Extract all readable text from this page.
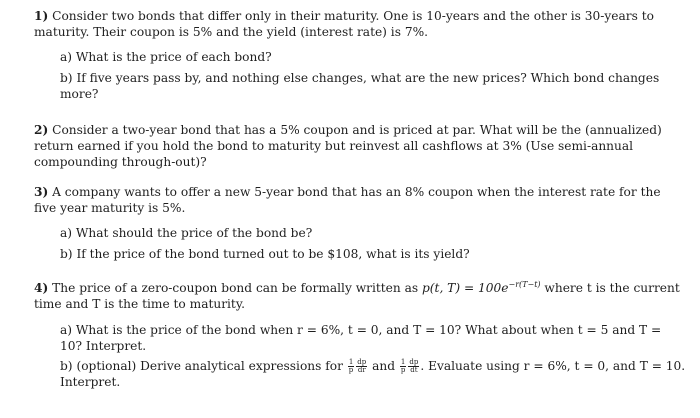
1) Consider two bonds that differ only in their maturity. One is 10-years and the other is 30-years to maturity. Their coupon is 5% and the yield (interest rate) is 7%.

a) What is the price of each bond?

b) If five years pass by, and nothing else changes, what are the new prices? Which bond changes more?

2) Consider a two-year bond that has a 5% coupon and is priced at par. What will be the (annualized) return earned if you hold the bond to maturity but reinvest all cashflows at 3% (Use semi-annual compounding through-out)?

3) A company wants to offer a new 5-year bond that has an 8% coupon when the interest rate for the five year maturity is 5%.

a) What should the price of the bond be?

b) If the price of the bond turned out to be $108, what is its yield?

4) The price of a zero-coupon bond can be formally written as p(t, $T) = 100e^{-r(T-t)}$ where t is the current time and T is the time to maturity.

a) What is the price of the bond when r = 6%, t = 0, and T = 10? What about when t = 5 and T = 10? Interpret.

b) (optional) Derive analytical expressions for $\frac{1}{p} \frac{dp}{dr}$ and $\frac{1}{p} \frac{dp}{dt}$ . Evaluate using r = 6%, t = 0, and T = 10. Interpret.
